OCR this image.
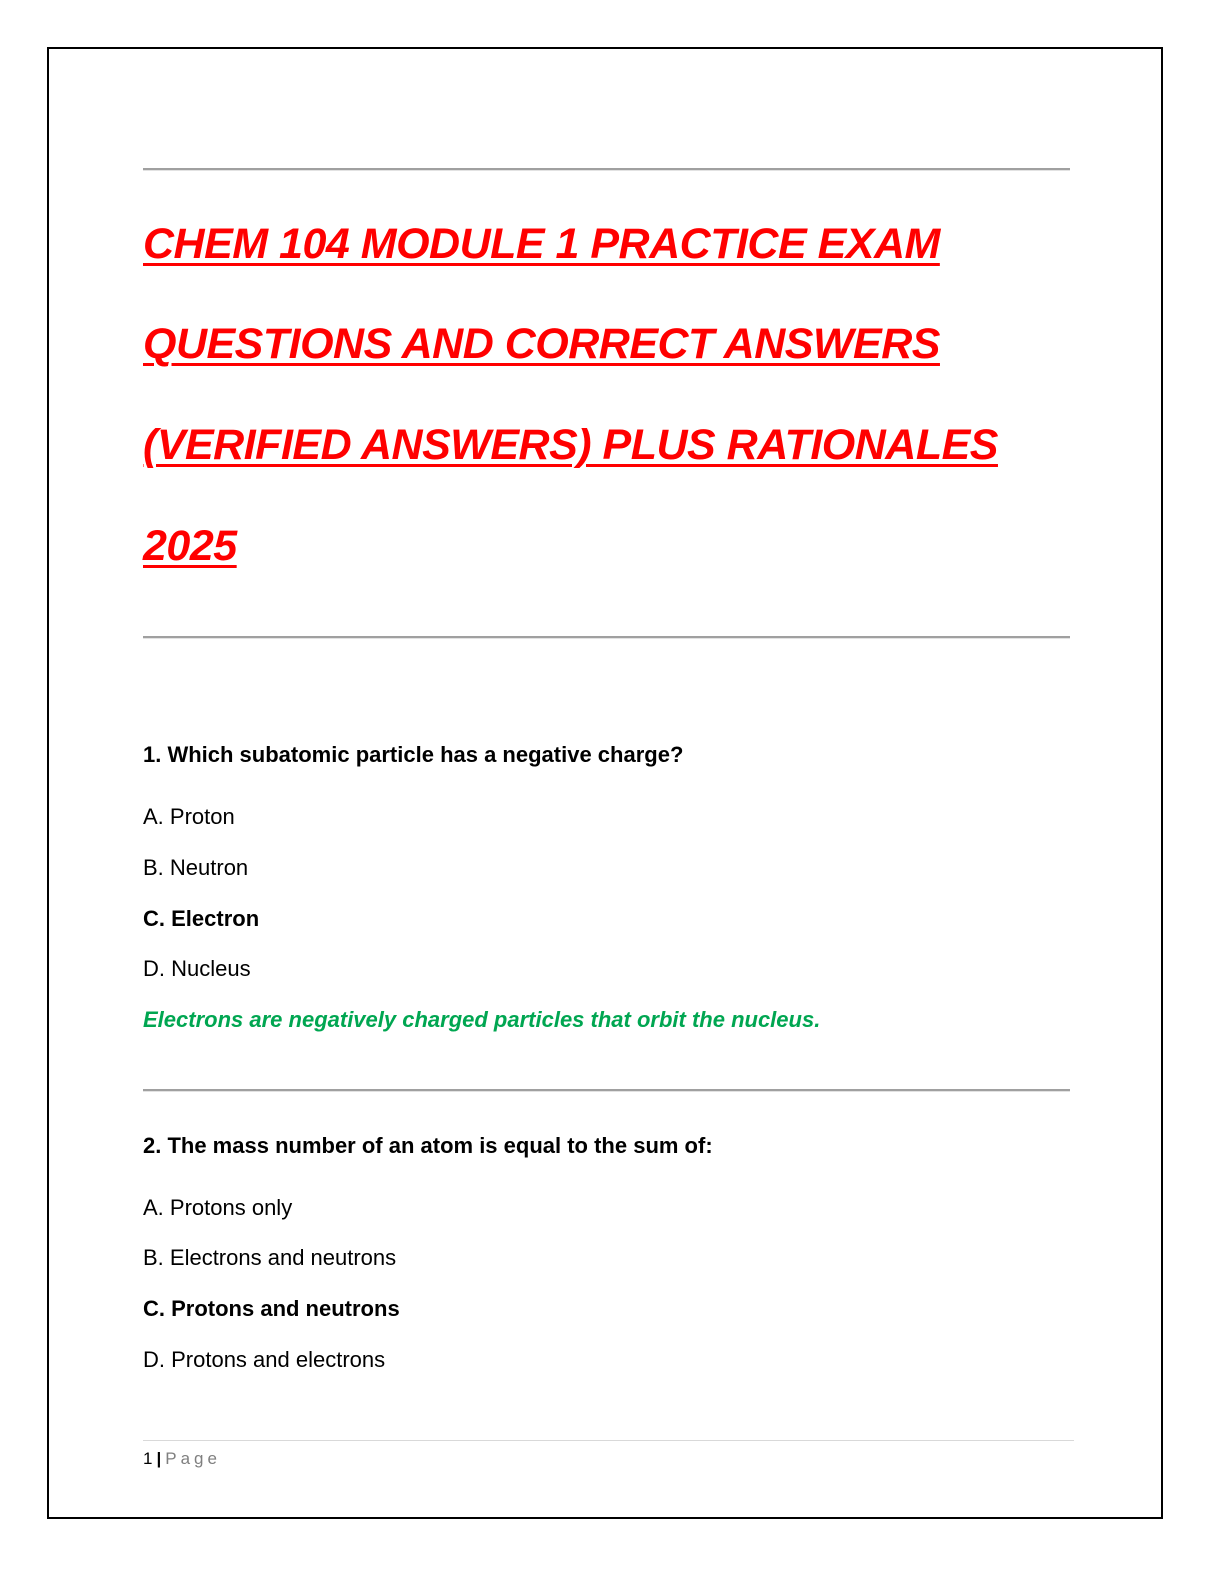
CHEM 104 MODULE 1 PRACTICE EXAM

QUESTIONS AND CORRECT ANSWERS

(VERIFIED ANSWERS) PLUS RATIONALES

2025

1. Which subatomic particle has a negative charge?

A. Proton

B. Neutron

C. Electron

D. Nucleus

Electrons are negatively charged particles that orbit the nucleus.

2. The mass number of an atom is equal to the sum of:

A. Protons only

B. Electrons and neutrons

C. Protons and neutrons

D. Protons and electrons

1 | Page
